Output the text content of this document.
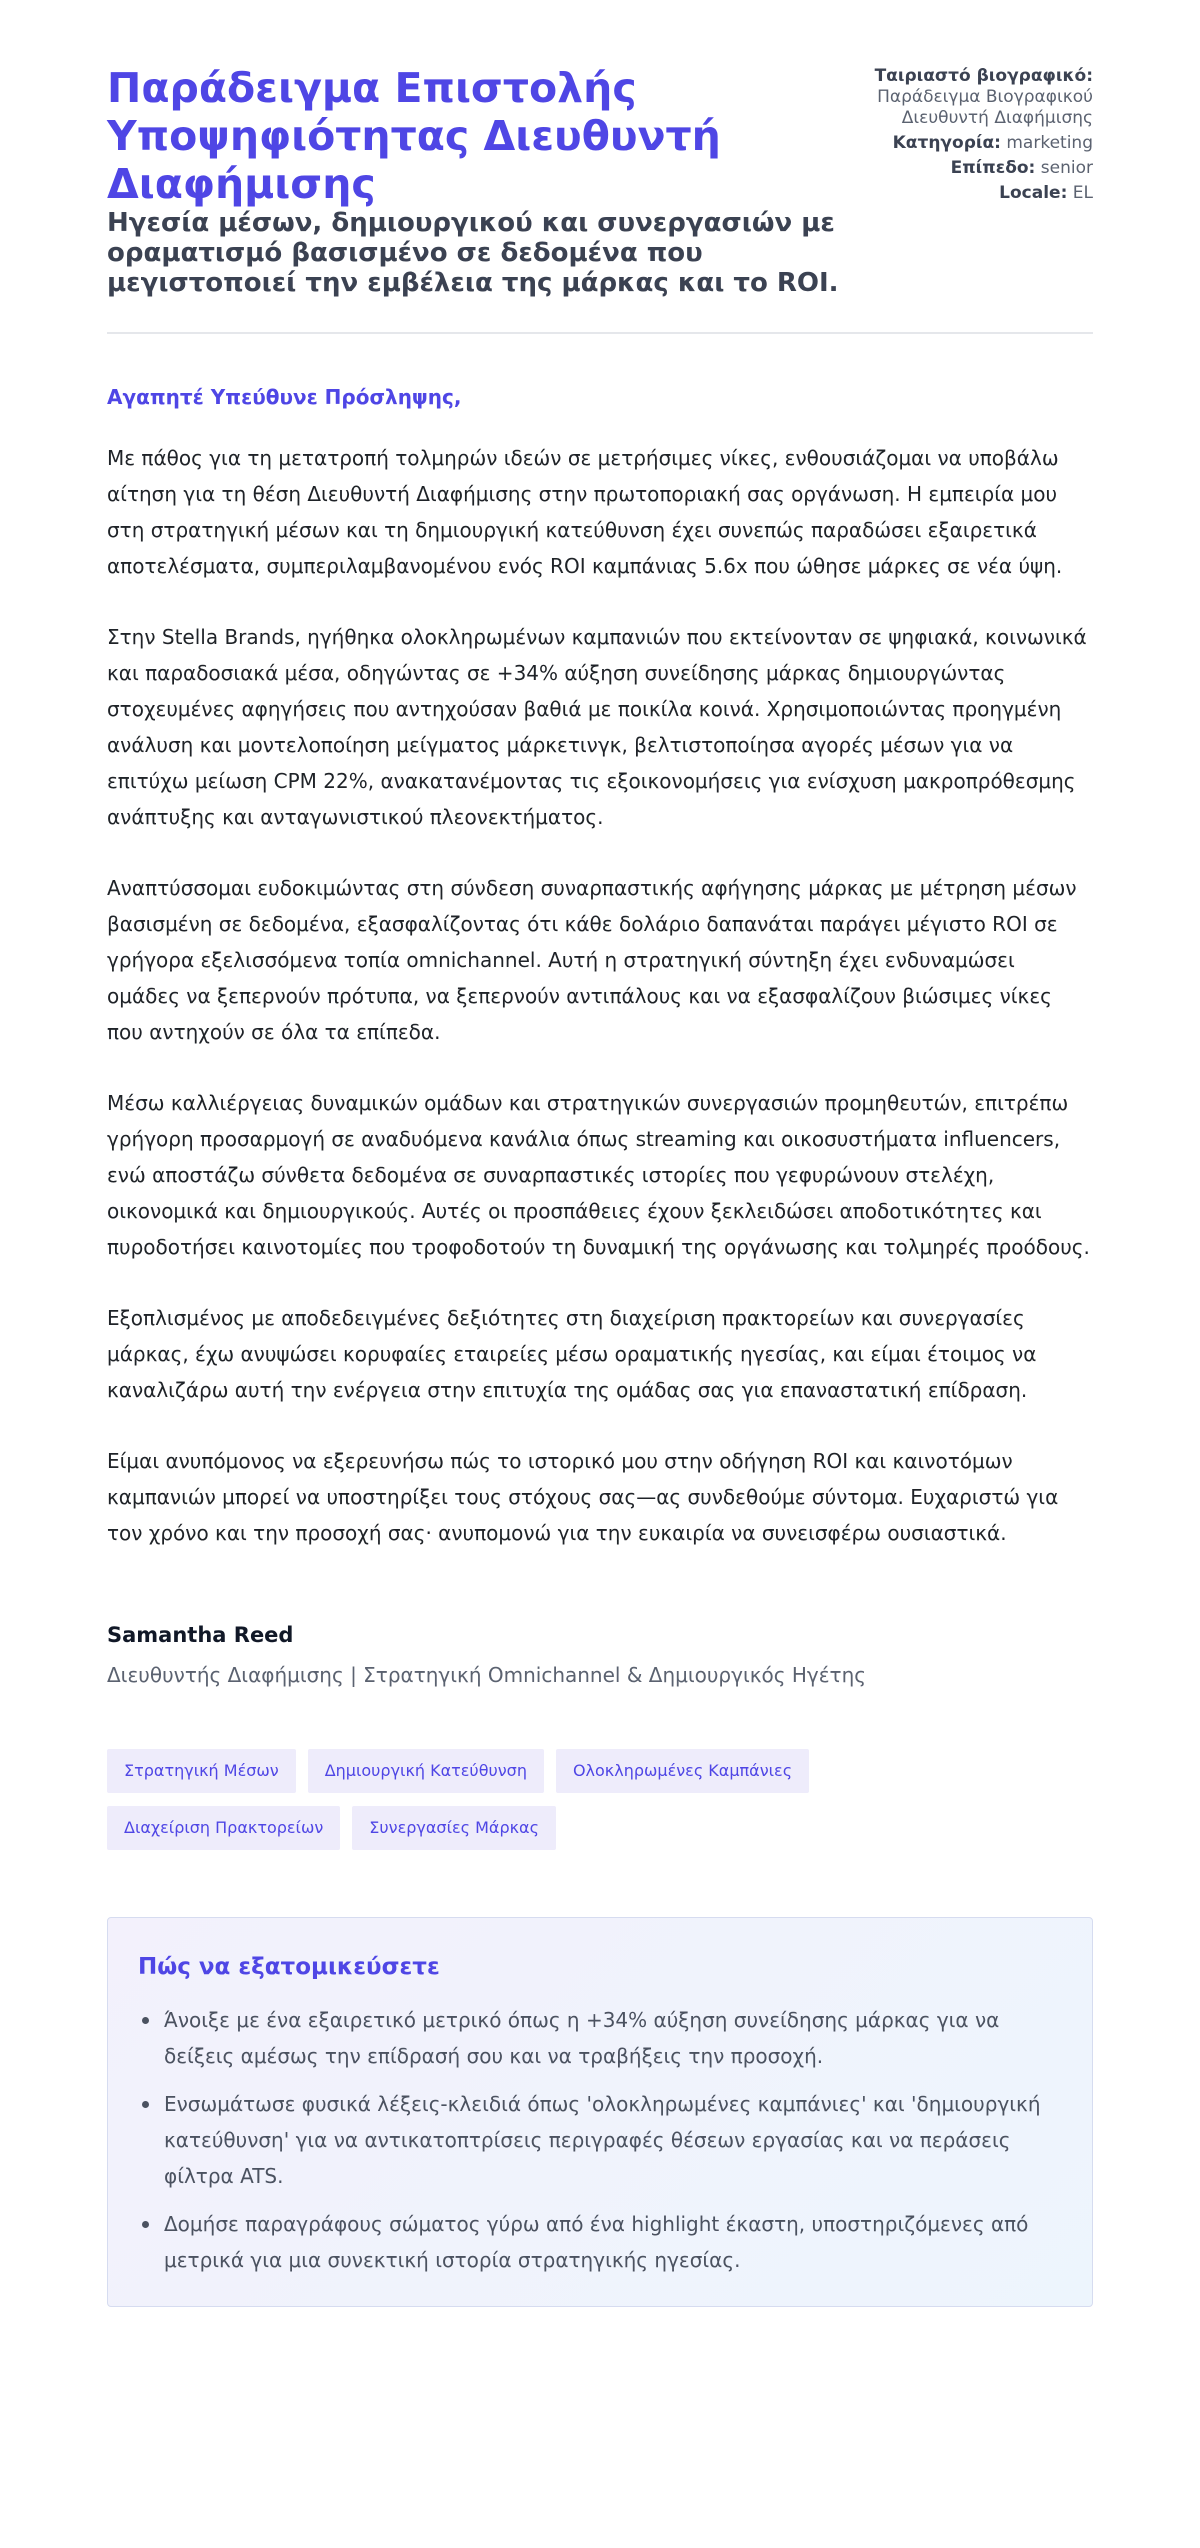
Παράδειγμα Επιστολής Υποψηφιότητας Διευθυντή Διαφήμισης
Ηγεσία μέσων, δημιουργικού και συνεργασιών με οραματισμό βασισμένο σε δεδομένα που μεγιστοποιεί την εμβέλεια της μάρκας και το ROI.
Ταιριαστό βιογραφικό: Παράδειγμα Βιογραφικού Διευθυντή Διαφήμισης
Κατηγορία: marketing
Επίπεδο: senior
Locale: EL

Αγαπητέ Υπεύθυνε Πρόσληψης,

Με πάθος για τη μετατροπή τολμηρών ιδεών σε μετρήσιμες νίκες, ενθουσιάζομαι να υποβάλω αίτηση για τη θέση Διευθυντή Διαφήμισης στην πρωτοποριακή σας οργάνωση. Η εμπειρία μου στη στρατηγική μέσων και τη δημιουργική κατεύθυνση έχει συνεπώς παραδώσει εξαιρετικά αποτελέσματα, συμπεριλαμβανομένου ενός ROI καμπάνιας 5.6x που ώθησε μάρκες σε νέα ύψη.

Στην Stella Brands, ηγήθηκα ολοκληρωμένων καμπανιών που εκτείνονταν σε ψηφιακά, κοινωνικά και παραδοσιακά μέσα, οδηγώντας σε +34% αύξηση συνείδησης μάρκας δημιουργώντας στοχευμένες αφηγήσεις που αντηχούσαν βαθιά με ποικίλα κοινά. Χρησιμοποιώντας προηγμένη ανάλυση και μοντελοποίηση μείγματος μάρκετινγκ, βελτιστοποίησα αγορές μέσων για να επιτύχω μείωση CPM 22%, ανακατανέμοντας τις εξοικονομήσεις για ενίσχυση μακροπρόθεσμης ανάπτυξης και ανταγωνιστικού πλεονεκτήματος.

Αναπτύσσομαι ευδοκιμώντας στη σύνδεση συναρπαστικής αφήγησης μάρκας με μέτρηση μέσων βασισμένη σε δεδομένα, εξασφαλίζοντας ότι κάθε δολάριο δαπανάται παράγει μέγιστο ROI σε γρήγορα εξελισσόμενα τοπία omnichannel. Αυτή η στρατηγική σύντηξη έχει ενδυναμώσει ομάδες να ξεπερνούν πρότυπα, να ξεπερνούν αντιπάλους και να εξασφαλίζουν βιώσιμες νίκες που αντηχούν σε όλα τα επίπεδα.

Μέσω καλλιέργειας δυναμικών ομάδων και στρατηγικών συνεργασιών προμηθευτών, επιτρέπω γρήγορη προσαρμογή σε αναδυόμενα κανάλια όπως streaming και οικοσυστήματα influencers, ενώ αποστάζω σύνθετα δεδομένα σε συναρπαστικές ιστορίες που γεφυρώνουν στελέχη, οικονομικά και δημιουργικούς. Αυτές οι προσπάθειες έχουν ξεκλειδώσει αποδοτικότητες και πυροδοτήσει καινοτομίες που τροφοδοτούν τη δυναμική της οργάνωσης και τολμηρές προόδους.

Εξοπλισμένος με αποδεδειγμένες δεξιότητες στη διαχείριση πρακτορείων και συνεργασίες μάρκας, έχω ανυψώσει κορυφαίες εταιρείες μέσω οραματικής ηγεσίας, και είμαι έτοιμος να καναλιζάρω αυτή την ενέργεια στην επιτυχία της ομάδας σας για επαναστατική επίδραση.

Είμαι ανυπόμονος να εξερευνήσω πώς το ιστορικό μου στην οδήγηση ROI και καινοτόμων καμπανιών μπορεί να υποστηρίξει τους στόχους σας—ας συνδεθούμε σύντομα. Ευχαριστώ για τον χρόνο και την προσοχή σας· ανυπομονώ για την ευκαιρία να συνεισφέρω ουσιαστικά.

Samantha Reed
Διευθυντής Διαφήμισης | Στρατηγική Omnichannel & Δημιουργικός Ηγέτης
Στρατηγική Μέσων	Δημιουργική Κατεύθυνση	Ολοκληρωμένες Καμπάνιες
Διαχείριση Πρακτορείων	Συνεργασίες Μάρκας
Πώς να εξατομικεύσετε
Άνοιξε με ένα εξαιρετικό μετρικό όπως η +34% αύξηση συνείδησης μάρκας για να δείξεις αμέσως την επίδρασή σου και να τραβήξεις την προσοχή.
Ενσωμάτωσε φυσικά λέξεις-κλειδιά όπως 'ολοκληρωμένες καμπάνιες' και 'δημιουργική κατεύθυνση' για να αντικατοπτρίσεις περιγραφές θέσεων εργασίας και να περάσεις φίλτρα ATS.
Δομήσε παραγράφους σώματος γύρω από ένα highlight έκαστη, υποστηριζόμενες από μετρικά για μια συνεκτική ιστορία στρατηγικής ηγεσίας.
